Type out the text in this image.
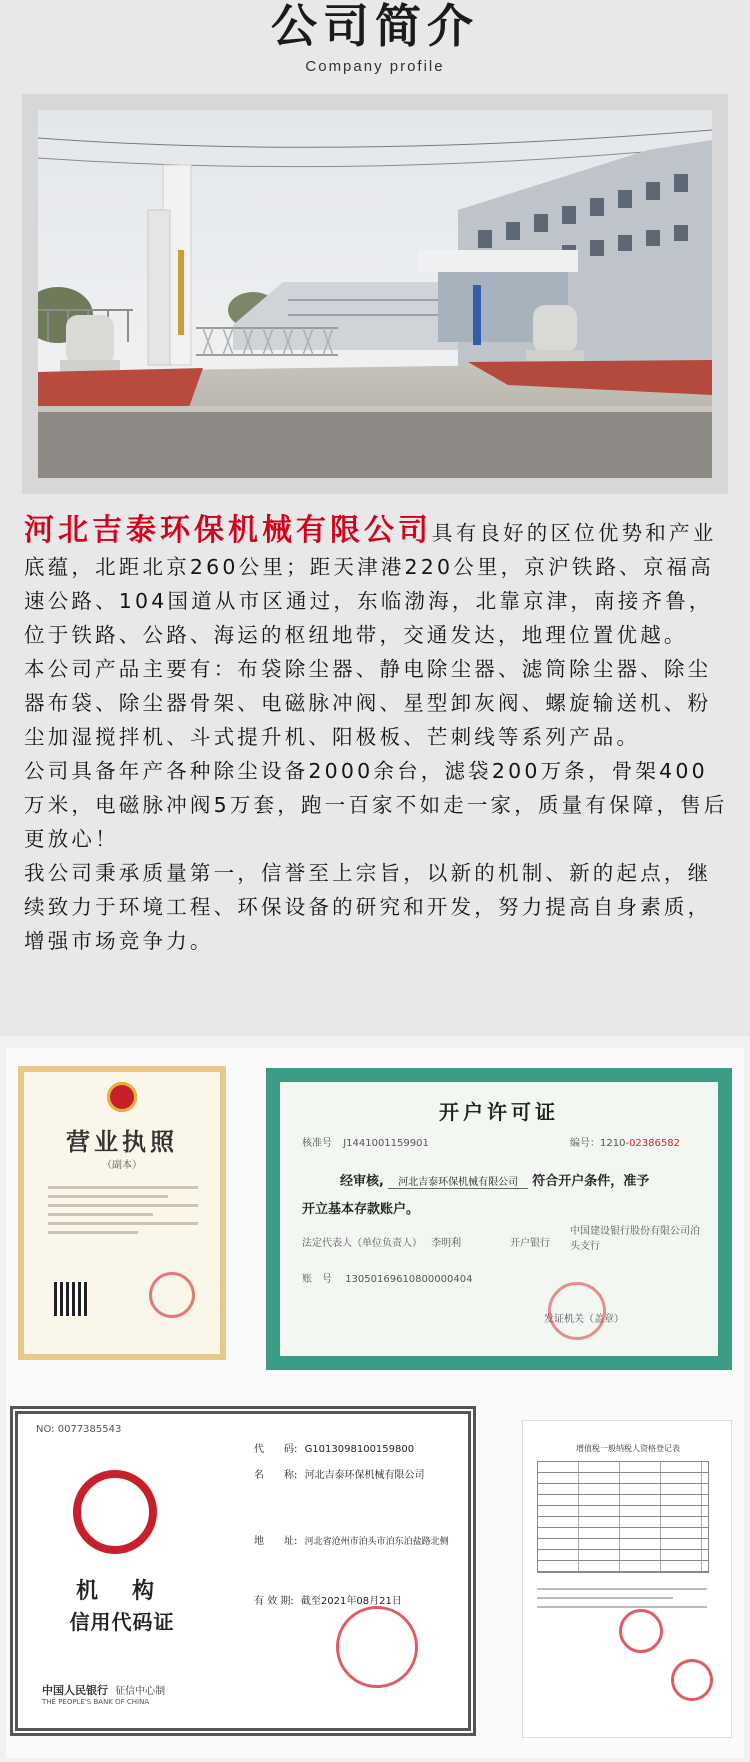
公司简介
Company profile

河北吉泰环保机械有限公司具有良好的区位优势和产业底蕴，北距北京260公里；距天津港220公里，京沪铁路、京福高速公路、104国道从市区通过，东临渤海，北靠京津，南接齐鲁，位于铁路、公路、海运的枢纽地带，交通发达，地理位置优越。

本公司产品主要有：布袋除尘器、静电除尘器、滤筒除尘器、除尘器布袋、除尘器骨架、电磁脉冲阀、星型卸灰阀、螺旋输送机、粉尘加湿搅拌机、斗式提升机、阳极板、芒刺线等系列产品。

公司具备年产各种除尘设备2000余台，滤袋200万条，骨架400万米，电磁脉冲阀5万套，跑一百家不如走一家，质量有保障，售后更放心！

我公司秉承质量第一，信誉至上宗旨，以新的机制、新的起点，继续致力于环境工程、环保设备的研究和开发，努力提高自身素质，增强市场竞争力。

营业执照
（副本）
开户许可证
核准号 J1441001159901	编号：1210-02386582
经审核, 河北吉泰环保机械有限公司 符合开户条件，准予
开立基本存款账户。
法定代表人（单位负责人） 李明利	开户银行
中国建设银行股份有限公司泊头支行
账　号 13050169610800000404
发证机关（盖章）
NO: 0077385543
机　构
信用代码证
中国人民银行 征信中心制
THE PEOPLE'S BANK OF CHINA
代　　码: G1013098100159800
名　　称: 河北吉泰环保机械有限公司
地　　址: 河北省沧州市泊头市泊东泊盐路北侧
有 效 期: 截至2021年08月21日
增值税一般纳税人资格登记表
